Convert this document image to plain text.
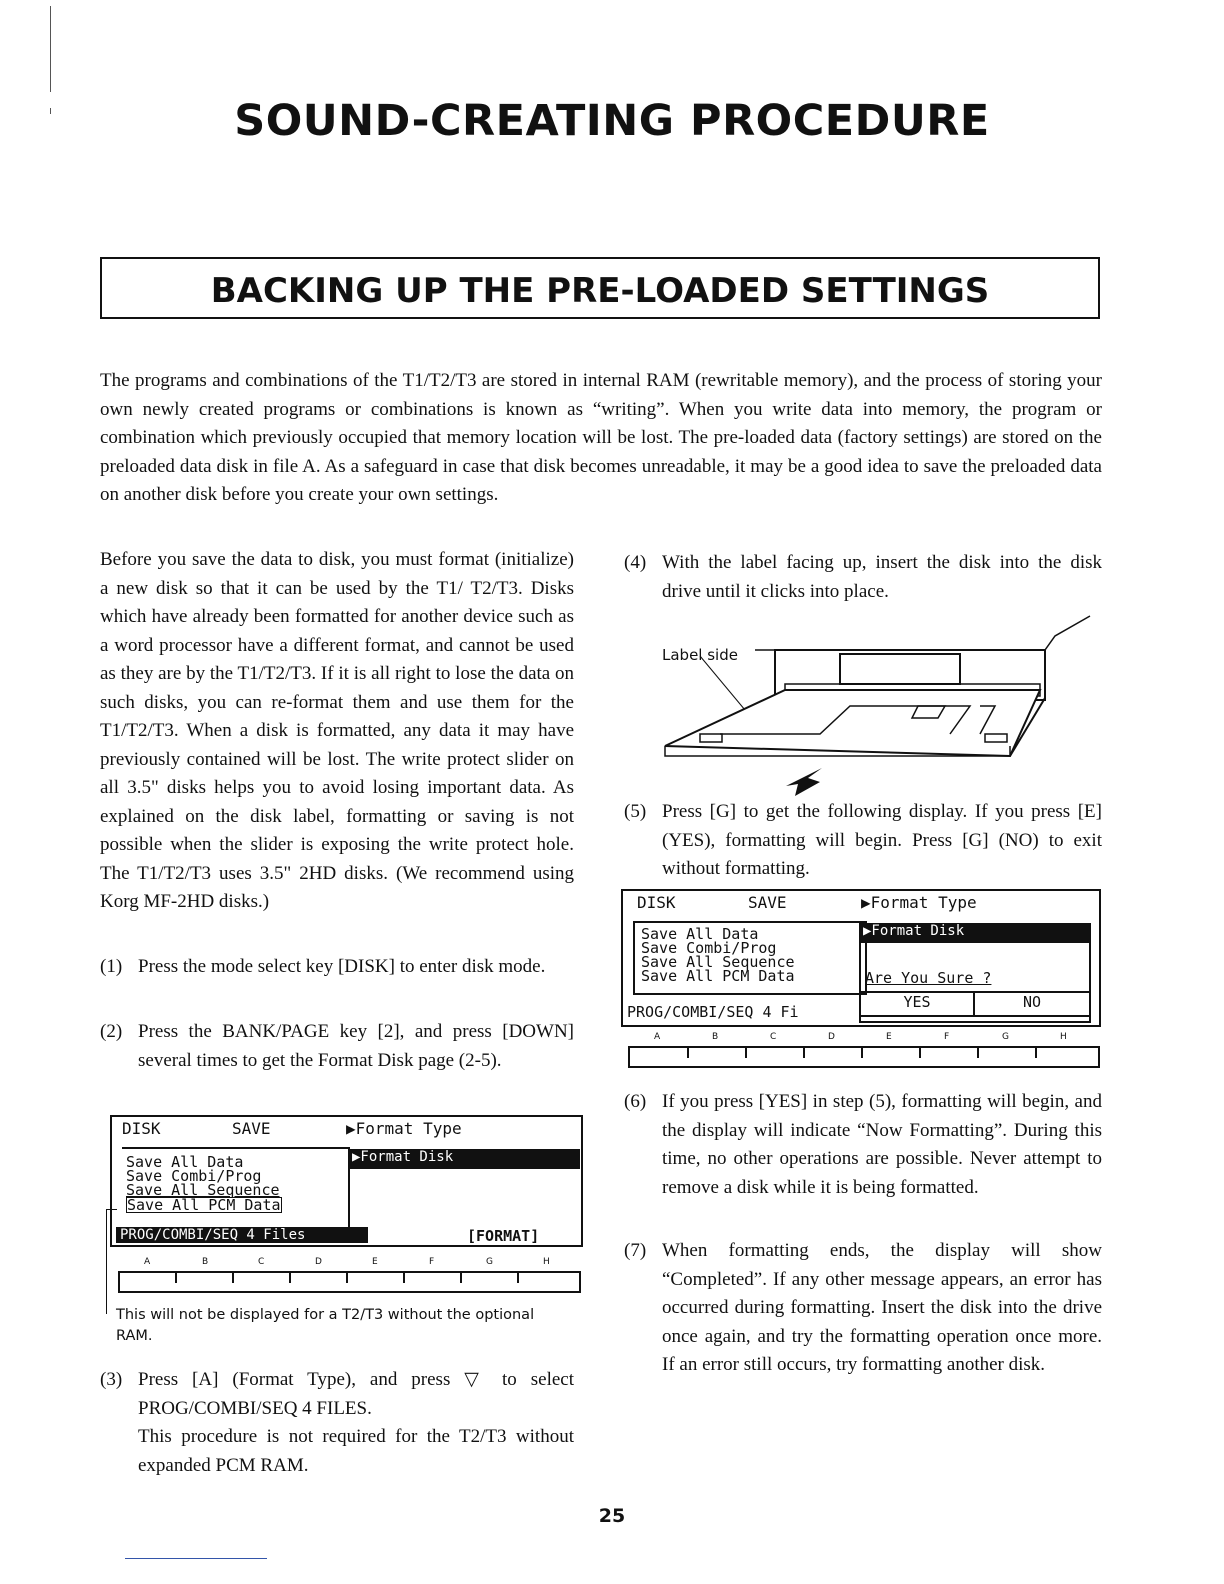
SOUND-CREATING PROCEDURE
BACKING UP THE PRE-LOADED SETTINGS

The programs and combinations of the T1/T2/T3 are stored in internal RAM (rewritable memory), and the process of storing your own newly created programs or combinations is known as “writing”. When you write data into memory, the program or combination which previously occupied that memory location will be lost. The pre-loaded data (factory settings) are stored on the preloaded data disk in file A. As a safeguard in case that disk becomes unreadable, it may be a good idea to save the preloaded data on another disk before you create your own settings.

Before you save the data to disk, you must format (initialize) a new disk so that it can be used by the T1/ T2/T3. Disks which have already been formatted for another device such as a word processor have a different format, and cannot be used as they are by the T1/T2/T3. If it is all right to lose the data on such disks, you can re-format them and use them for the T1/T2/T3. When a disk is formatted, any data it may have previously contained will be lost. The write protect slider on all 3.5" disks helps you to avoid losing important data. As explained on the disk label, formatting or saving is not possible when the slider is exposing the write protect hole. The T1/T2/T3 uses 3.5" 2HD disks. (We recommend using Korg MF-2HD disks.)

(1) Press the mode select key [DISK] to enter disk mode.
(2) Press the BANK/PAGE key [2], and press [DOWN] several times to get the Format Disk page (2-5).
DISK	SAVE	▶Format Type
Save All Data
Save Combi/Prog
Save All Sequence
Save All PCM Data
▶Format Disk
PROG/COMBI/SEQ 4 Files	[FORMAT]
A	B	C	D	E	F	G	H
This will not be displayed for a T2/T3 without the optional RAM.
(3) Press [A] (Format Type), and press ▽ to select PROG/COMBI/SEQ 4 FILES.
This procedure is not required for the T2/T3 without expanded PCM RAM.
(4) With the label facing up, insert the disk into the disk drive until it clicks into place.
Label side
(5) Press [G] to get the following display. If you press [E] (YES), formatting will begin. Press [G] (NO) to exit without formatting.
DISK	SAVE	▶Format Type
Save All Data
Save Combi/Prog
Save All Sequence
Save All PCM Data
▶Format Disk
Are You Sure ?
YES	NO
PROG/COMBI/SEQ 4 Fi
A	B	C	D	E	F	G	H
(6) If you press [YES] in step (5), formatting will begin, and the display will indicate “Now Formatting”. During this time, no other operations are possible. Never attempt to remove a disk while it is being formatted.
(7) When formatting ends, the display will show “Completed”. If any other message appears, an error has occurred during formatting. Insert the disk into the drive once again, and try the formatting operation once more. If an error still occurs, try formatting another disk.
25
